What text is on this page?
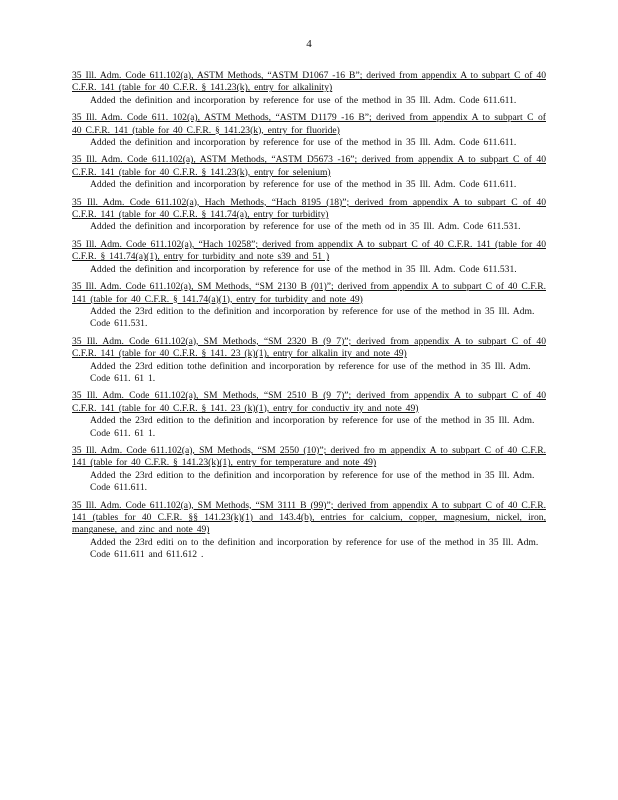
4
35 Ill. Adm. Code 611.102(a), ASTM Methods, “ASTM D1067 -16 B”; derived from appendix A to subpart C of 40 C.F.R. 141 (table for 40 C.F.R. § 141.23(k), entry for alkalinity)
Added the definition and incorporation by reference for use of the method in 35 Ill. Adm. Code 611.611.
35 Ill. Adm. Code 611. 102(a), ASTM Methods, “ASTM D1179 -16 B”; derived from appendix A to subpart C of 40 C.F.R. 141 (table for 40 C.F.R. § 141.23(k), entry for fluoride)
Added the definition and incorporation by reference for use of the method in 35 Ill. Adm. Code 611.611.
35 Ill. Adm. Code 611.102(a), ASTM Methods, “ASTM D5673 -16”; derived from appendix A to subpart C of 40 C.F.R. 141 (table for 40 C.F.R. § 141.23(k), entry for selenium)
Added the definition and incorporation by reference for use of the method in 35 Ill. Adm. Code 611.611.
35 Ill. Adm. Code 611.102(a), Hach Methods, “Hach 8195 (18)”; derived from appendix A to subpart C of 40 C.F.R. 141 (table for 40 C.F.R. § 141.74(a), entry for turbidity)
Added the definition and incorporation by reference for use of the meth od in 35 Ill. Adm. Code 611.531.
35 Ill. Adm. Code 611.102(a), “Hach 10258”; derived from appendix A to subpart C of 40 C.F.R. 141 (table for 40 C.F.R. § 141.74(a)(1), entry for turbidity and note s39 and 51 )
Added the definition and incorporation by reference for use of the method in 35 Ill. Adm. Code 611.531.
35 Ill. Adm. Code 611.102(a), SM Methods, “SM 2130 B (01)”; derived from appendix A to subpart C of 40 C.F.R. 141 (table for 40 C.F.R. § 141.74(a)(1), entry for turbidity and note 49)
Added the 23rd edition to the definition and incorporation by reference for use of the method in 35 Ill. Adm. Code 611.531.
35 Ill. Adm. Code 611.102(a), SM Methods, “SM 2320 B (9 7)”; derived from appendix A to subpart C of 40 C.F.R. 141 (table for 40 C.F.R. § 141. 23 (k)(1), entry for alkalin ity and note 49)
Added the 23rd edition tothe definition and incorporation by reference for use of the method in 35 Ill. Adm. Code 611. 61 1.
35 Ill. Adm. Code 611.102(a), SM Methods, “SM 2510 B (9 7)”; derived from appendix A to subpart C of 40 C.F.R. 141 (table for 40 C.F.R. § 141. 23 (k)(1), entry for conductiv ity and note 49)
Added the 23rd edition to the definition and incorporation by reference for use of the method in 35 Ill. Adm. Code 611. 61 1.
35 Ill. Adm. Code 611.102(a), SM Methods, “SM 2550 (10)”; derived fro m appendix A to subpart C of 40 C.F.R. 141 (table for 40 C.F.R. § 141.23(k)(1), entry for temperature and note 49)
Added the 23rd edition to the definition and incorporation by reference for use of the method in 35 Ill. Adm. Code 611.611.
35 Ill. Adm. Code 611.102(a), SM Methods, “SM 3111 B (99)”; derived from appendix A to subpart C of 40 C.F.R. 141 (tables for 40 C.F.R. §§ 141.23(k)(1) and 143.4(b), entries for calcium, copper, magnesium, nickel, iron, manganese, and zinc and note 49)
Added the 23rd editi on to the definition and incorporation by reference for use of the method in 35 Ill. Adm. Code 611.611 and 611.612 .
